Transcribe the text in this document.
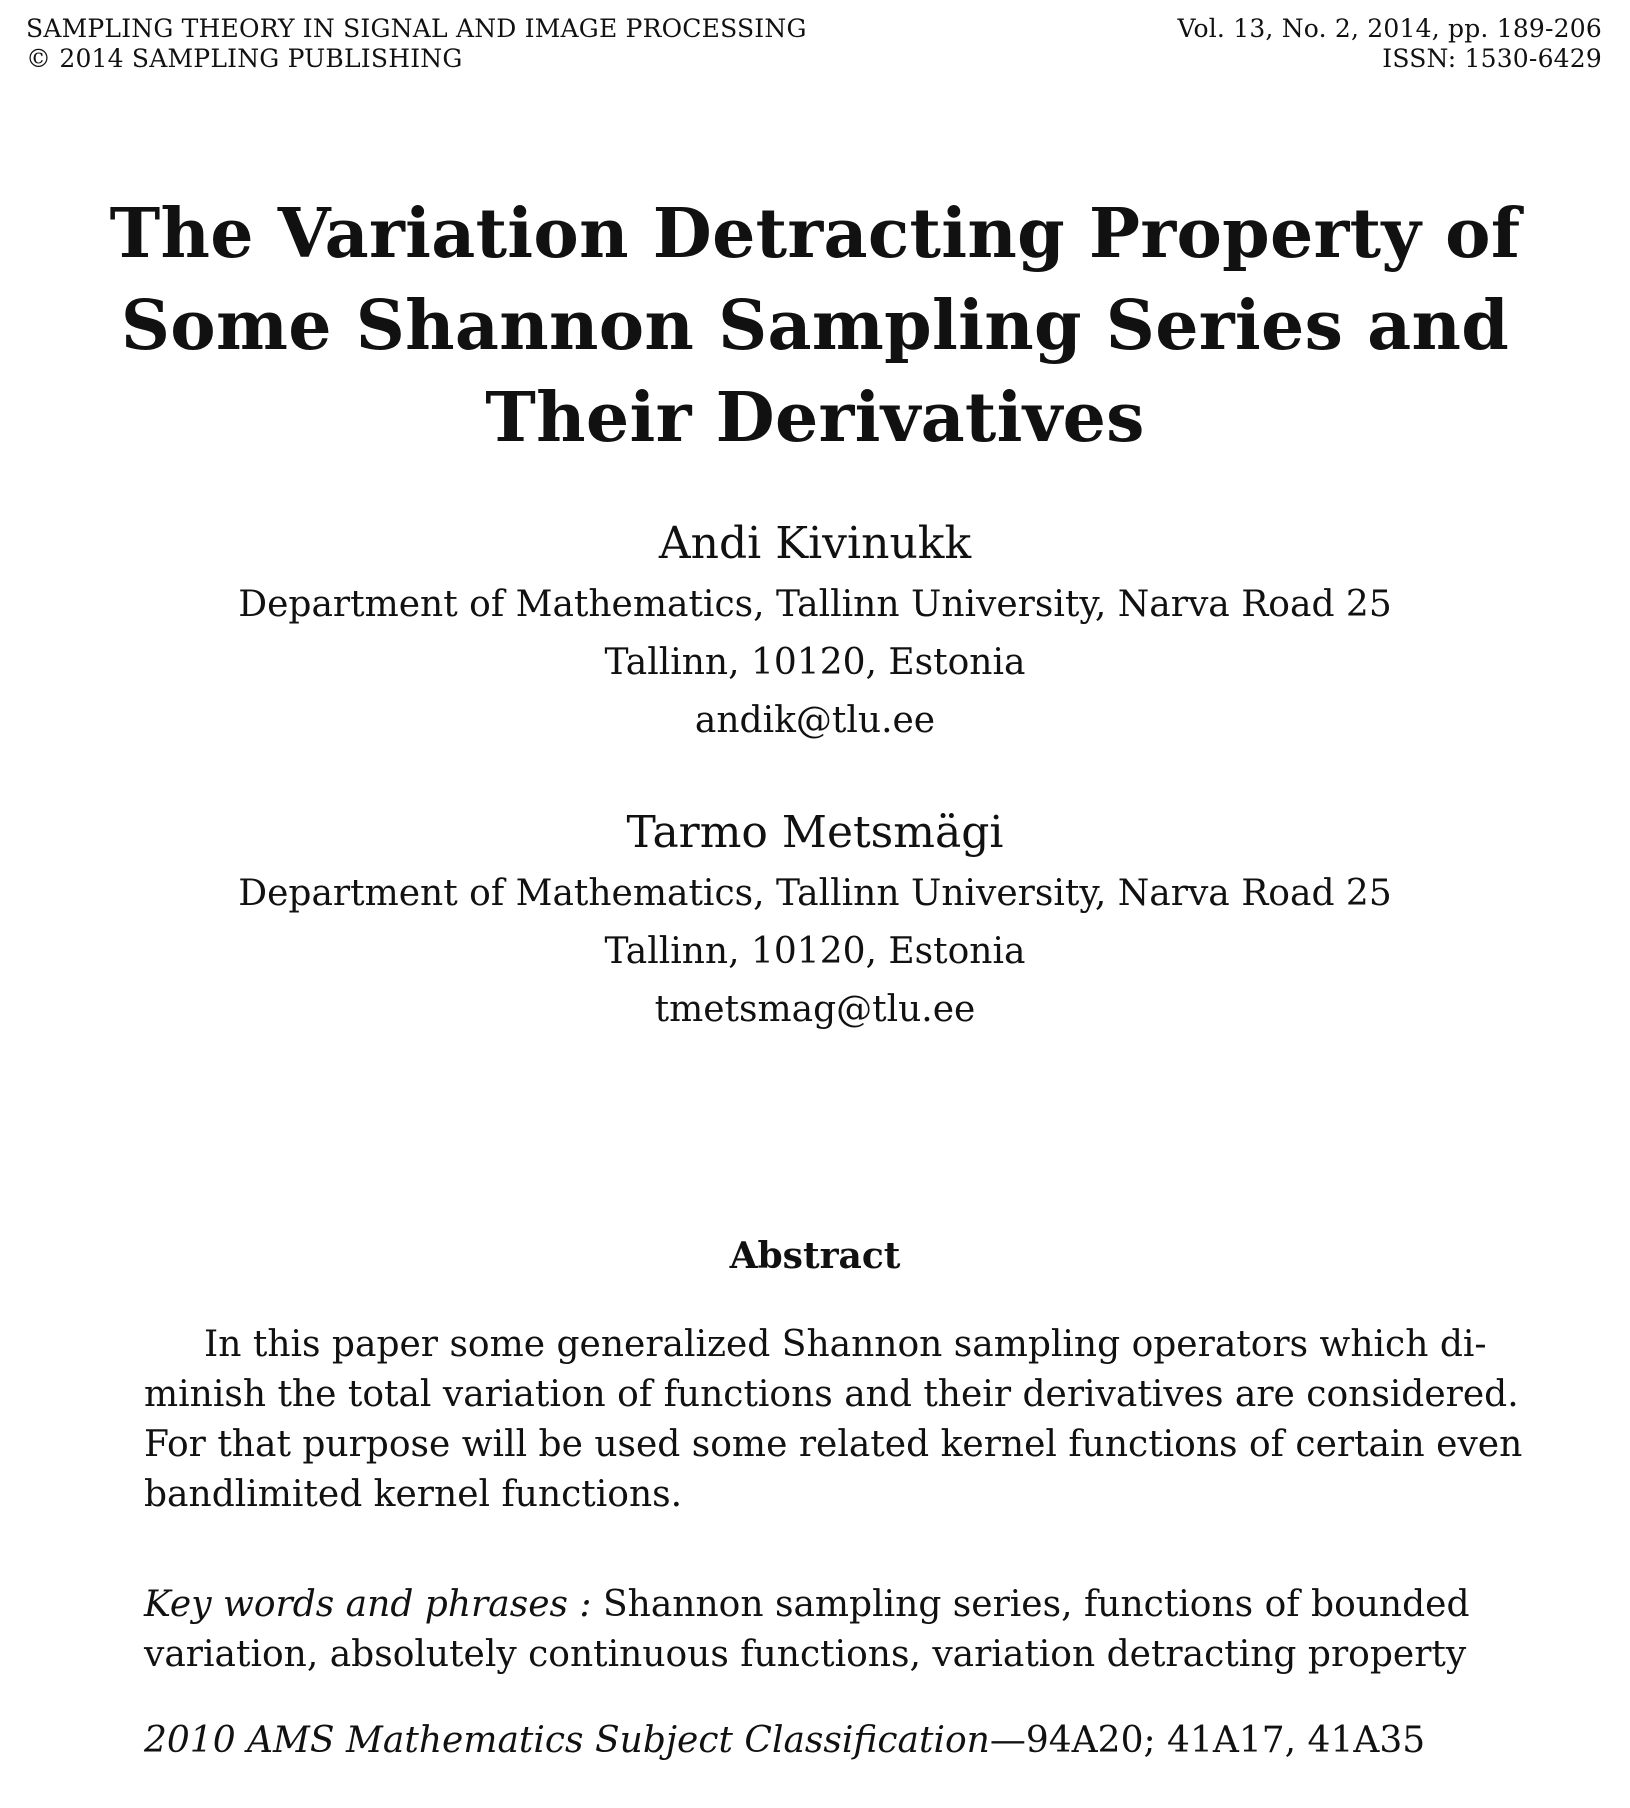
SAMPLING THEORY IN SIGNAL AND IMAGE PROCESSING
© 2014 SAMPLING PUBLISHING
Vol. 13, No. 2, 2014, pp. 189-206
ISSN: 1530-6429
The Variation Detracting Property of
Some Shannon Sampling Series and
Their Derivatives
Andi Kivinukk
Department of Mathematics, Tallinn University, Narva Road 25
Tallinn, 10120, Estonia
andik@tlu.ee
Tarmo Metsmägi
Department of Mathematics, Tallinn University, Narva Road 25
Tallinn, 10120, Estonia
tmetsmag@tlu.ee
Abstract
In this paper some generalized Shannon sampling operators which di-
minish the total variation of functions and their derivatives are considered.
For that purpose will be used some related kernel functions of certain even
bandlimited kernel functions.
Key words and phrases : Shannon sampling series, functions of bounded
variation, absolutely continuous functions, variation detracting property
2010 AMS Mathematics Subject Classification—94A20; 41A17, 41A35
